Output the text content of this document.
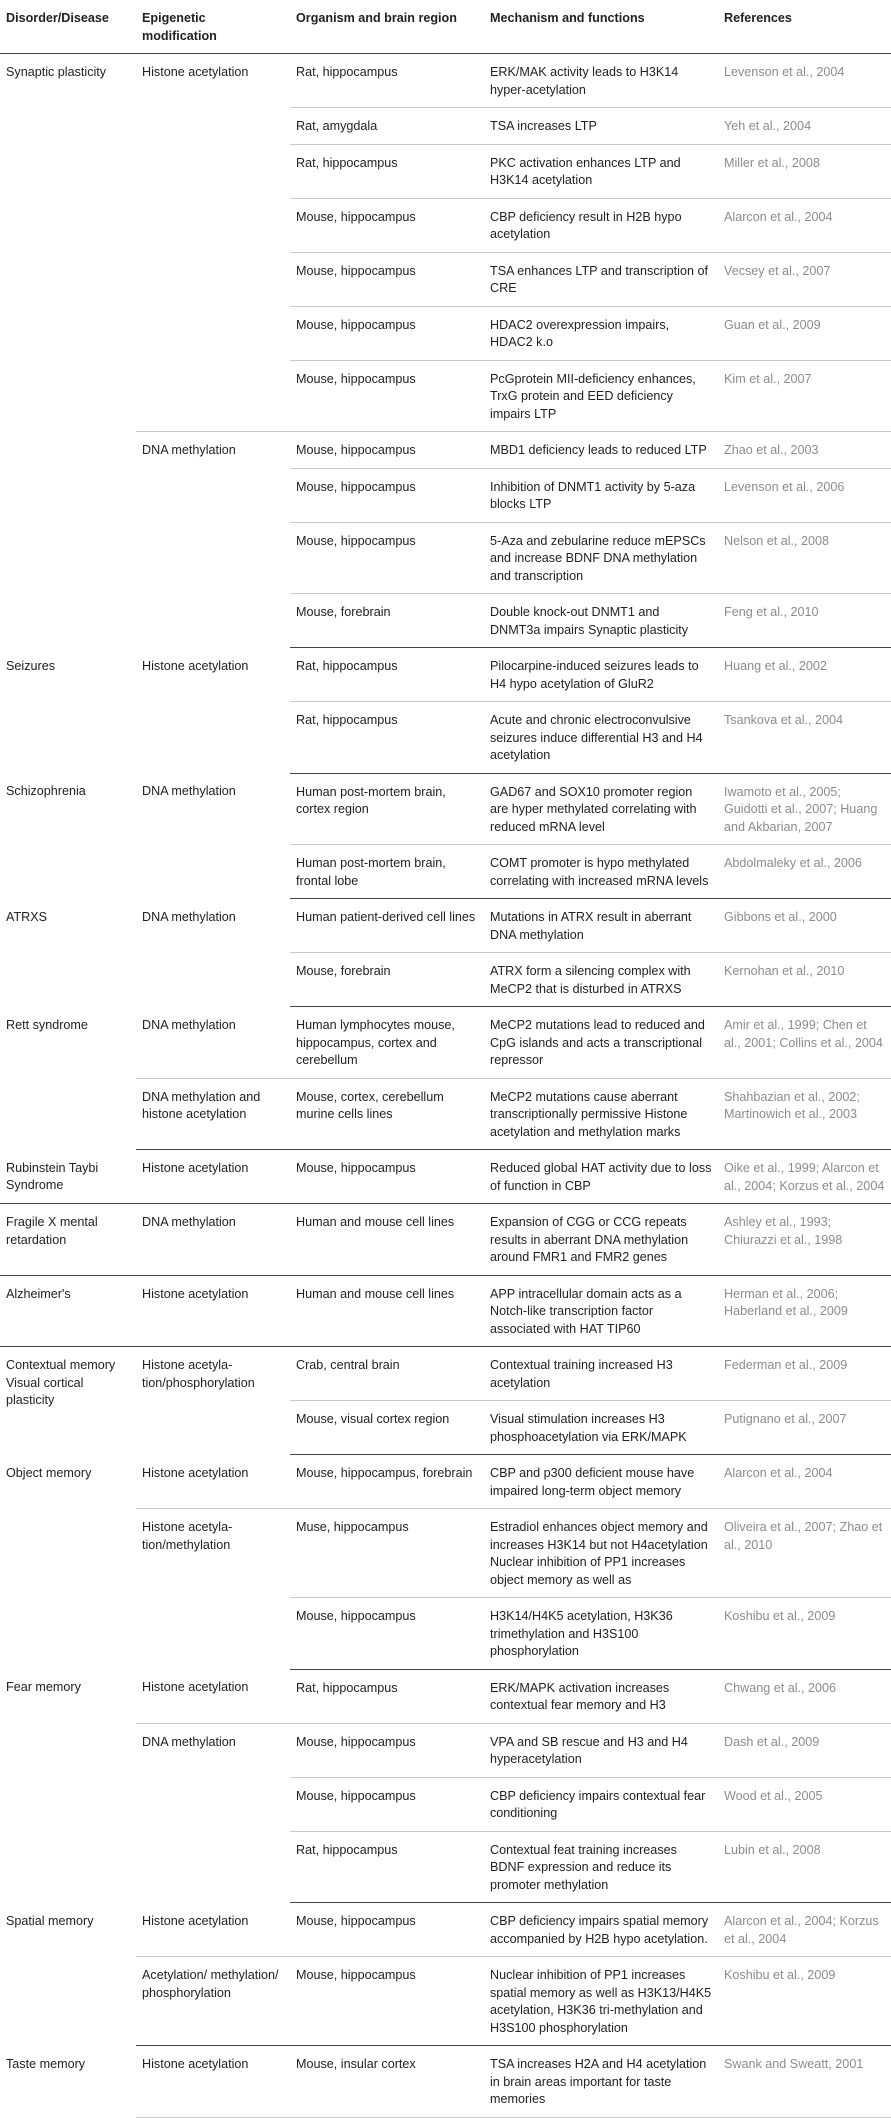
Disorder/Disease	Epigenetic modification	Organism and brain region	Mechanism and functions	References
Synaptic plasticity	Histone acetylation	Rat, hippocampus	ERK/MAK activity leads to H3K14 hyper-acetylation	Levenson et al., 2004
		Rat, amygdala	TSA increases LTP	Yeh et al., 2004
		Rat, hippocampus	PKC activation enhances LTP and H3K14 acetylation	Miller et al., 2008
		Mouse, hippocampus	CBP deficiency result in H2B hypo acetylation	Alarcon et al., 2004
		Mouse, hippocampus	TSA enhances LTP and transcription of CRE	Vecsey et al., 2007
		Mouse, hippocampus	HDAC2 overexpression impairs, HDAC2 k.o	Guan et al., 2009
		Mouse, hippocampus	PcGprotein MII-deficiency enhances, TrxG protein and EED deficiency impairs LTP	Kim et al., 2007
	DNA methylation	Mouse, hippocampus	MBD1 deficiency leads to reduced LTP	Zhao et al., 2003
		Mouse, hippocampus	Inhibition of DNMT1 activity by 5-aza blocks LTP	Levenson et al., 2006
		Mouse, hippocampus	5-Aza and zebularine reduce mEPSCs and increase BDNF DNA methylation and transcription	Nelson et al., 2008
		Mouse, forebrain	Double knock-out DNMT1 and DNMT3a impairs Synaptic plasticity	Feng et al., 2010
Seizures	Histone acetylation	Rat, hippocampus	Pilocarpine-induced seizures leads to H4 hypo acetylation of GluR2	Huang et al., 2002
		Rat, hippocampus	Acute and chronic electroconvulsive seizures induce differential H3 and H4 acetylation	Tsankova et al., 2004
Schizophrenia	DNA methylation	Human post-mortem brain, cortex region	GAD67 and SOX10 promoter region are hyper methylated correlating with reduced mRNA level	Iwamoto et al., 2005; Guidotti et al., 2007; Huang and Akbarian, 2007
		Human post-mortem brain, frontal lobe	COMT promoter is hypo methylated correlating with increased mRNA levels	Abdolmaleky et al., 2006
ATRXS	DNA methylation	Human patient-derived cell lines	Mutations in ATRX result in aberrant DNA methylation	Gibbons et al., 2000
		Mouse, forebrain	ATRX form a silencing complex with MeCP2 that is disturbed in ATRXS	Kernohan et al., 2010
Rett syndrome	DNA methylation	Human lymphocytes mouse, hippocampus, cortex and cerebellum	MeCP2 mutations lead to reduced and CpG islands and acts a transcriptional repressor	Amir et al., 1999; Chen et al., 2001; Collins et al., 2004
	DNA methylation and histone acetylation	Mouse, cortex, cerebellum murine cells lines	MeCP2 mutations cause aberrant transcriptionally permissive Histone acetylation and methylation marks	Shahbazian et al., 2002; Martinowich et al., 2003
Rubinstein Taybi Syndrome	Histone acetylation	Mouse, hippocampus	Reduced global HAT activity due to loss of function in CBP	Oike et al., 1999; Alarcon et al., 2004; Korzus et al., 2004
Fragile X mental retardation	DNA methylation	Human and mouse cell lines	Expansion of CGG or CCG repeats results in aberrant DNA methylation around FMR1 and FMR2 genes	Ashley et al., 1993; Chiurazzi et al., 1998
Alzheimer's	Histone acetylation	Human and mouse cell lines	APP intracellular domain acts as a Notch-like transcription factor associated with HAT TIP60	Herman et al., 2006; Haberland et al., 2009
Contextual memory Visual cortical plasticity	Histone acetyla-tion/phosphorylation	Crab, central brain	Contextual training increased H3 acetylation	Federman et al., 2009
		Mouse, visual cortex region	Visual stimulation increases H3 phosphoacetylation via ERK/MAPK	Putignano et al., 2007
Object memory	Histone acetylation	Mouse, hippocampus, forebrain	CBP and p300 deficient mouse have impaired long-term object memory	Alarcon et al., 2004
	Histone acetyla-tion/methylation	Muse, hippocampus	Estradiol enhances object memory and increases H3K14 but not H4acetylation Nuclear inhibition of PP1 increases object memory as well as	Oliveira et al., 2007; Zhao et al., 2010
		Mouse, hippocampus	H3K14/H4K5 acetylation, H3K36 trimethylation and H3S100 phosphorylation	Koshibu et al., 2009
Fear memory	Histone acetylation	Rat, hippocampus	ERK/MAPK activation increases contextual fear memory and H3	Chwang et al., 2006
	DNA methylation	Mouse, hippocampus	VPA and SB rescue and H3 and H4 hyperacetylation	Dash et al., 2009
		Mouse, hippocampus	CBP deficiency impairs contextual fear conditioning	Wood et al., 2005
		Rat, hippocampus	Contextual feat training increases BDNF expression and reduce its promoter methylation	Lubin et al., 2008
Spatial memory	Histone acetylation	Mouse, hippocampus	CBP deficiency impairs spatial memory accompanied by H2B hypo acetylation.	Alarcon et al., 2004; Korzus et al., 2004
	Acetylation/ methylation/ phosphorylation	Mouse, hippocampus	Nuclear inhibition of PP1 increases spatial memory as well as H3K13/H4K5 acetylation, H3K36 tri-methylation and H3S100 phosphorylation	Koshibu et al., 2009
Taste memory	Histone acetylation	Mouse, insular cortex	TSA increases H2A and H4 acetylation in brain areas important for taste memories	Swank and Sweatt, 2001
